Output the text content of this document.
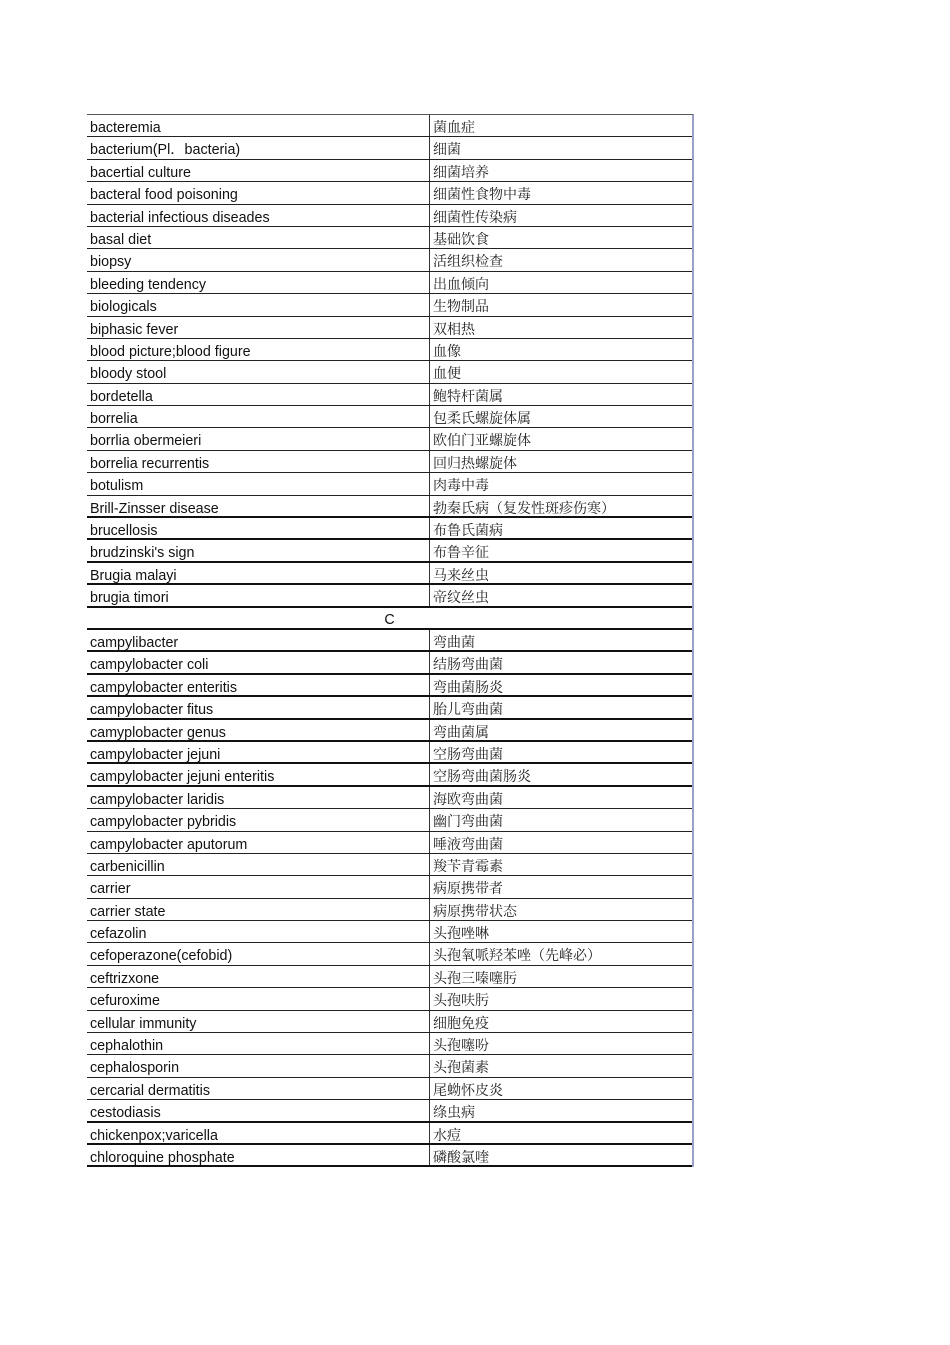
bacteremia	菌血症
bacterium(Pl．bacteria)	细菌
bacertial culture	细菌培养
bacteral food poisoning	细菌性食物中毒
bacterial infectious diseades	细菌性传染病
basal diet	基础饮食
biopsy	活组织检查
bleeding tendency	出血倾向
biologicals	生物制品
biphasic fever	双相热
blood picture;blood figure	血像
bloody stool	血便
bordetella	鲍特杆菌属
borrelia	包柔氏螺旋体属
borrlia obermeieri	欧伯门亚螺旋体
borrelia recurrentis	回归热螺旋体
botulism	肉毒中毒
Brill-Zinsser disease	勃秦氏病（复发性斑疹伤寒）
brucellosis	布鲁氏菌病
brudzinski's sign	布鲁辛征
Brugia malayi	马来丝虫
brugia timori	帝纹丝虫
C
campylibacter	弯曲菌
campylobacter coli	结肠弯曲菌
campylobacter enteritis	弯曲菌肠炎
campylobacter fitus	胎儿弯曲菌
camyplobacter genus	弯曲菌属
campylobacter jejuni	空肠弯曲菌
campylobacter jejuni enteritis	空肠弯曲菌肠炎
campylobacter laridis	海欧弯曲菌
campylobacter pybridis	幽门弯曲菌
campylobacter aputorum	唾液弯曲菌
carbenicillin	羧苄青霉素
carrier	病原携带者
carrier state	病原携带状态
cefazolin	头孢唑啉
cefoperazone(cefobid)	头孢氧哌羟苯唑（先峰必）
ceftrizxone	头孢三嗪噻肟
cefuroxime	头孢呋肟
cellular immunity	细胞免疫
cephalothin	头孢噻吩
cephalosporin	头孢菌素
cercarial dermatitis	尾蚴怀皮炎
cestodiasis	绦虫病
chickenpox;varicella	水痘
chloroquine phosphate	磷酸氯喹
